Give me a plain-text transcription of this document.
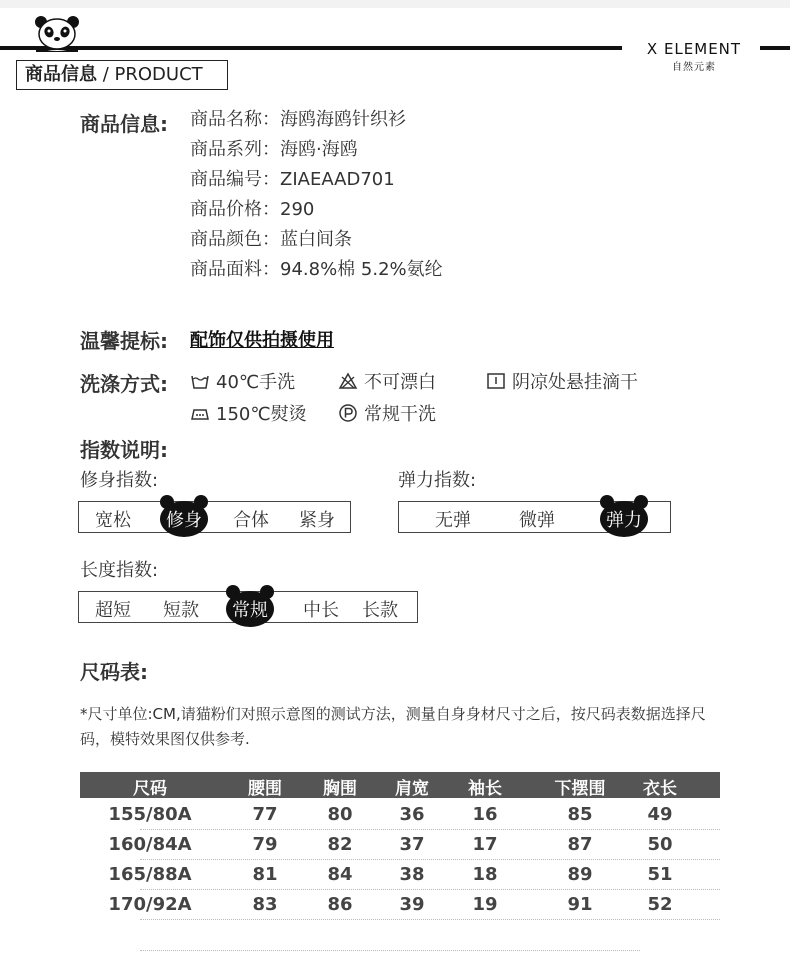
X ELEMENT
自然元素
商品信息 / PRODUCT
商品信息: 商品名称：海鸥海鸥针织衫
商品系列：海鸥·海鸥
商品编号：ZIAEAAD701
商品价格：290
商品颜色：蓝白间条
商品面料：94.8%棉 5.2%氨纶
温馨提标: 配饰仅供拍摄使用
洗涤方式:	40℃手洗	不可漂白	阴凉处悬挂滴干
150℃熨烫	常规干洗
指数说明:
修身指数:
宽松	修身	合体 紧身
弹力指数:
无弹	微弹	弹力
长度指数:
超短 短款	常规	中长 长款
尺码表:
*尺寸单位:CM,请猫粉们对照示意图的测试方法，测量自身身材尺寸之后，按尺码表数据选择尺码，模特效果图仅供参考.
尺码	腰围	胸围	肩宽	袖长	下摆围	衣长
155/80A	77	80	36	16	85	49
160/84A	79	82	37	17	87	50
165/88A	81	84	38	18	89	51
170/92A	83	86	39	19	91	52
